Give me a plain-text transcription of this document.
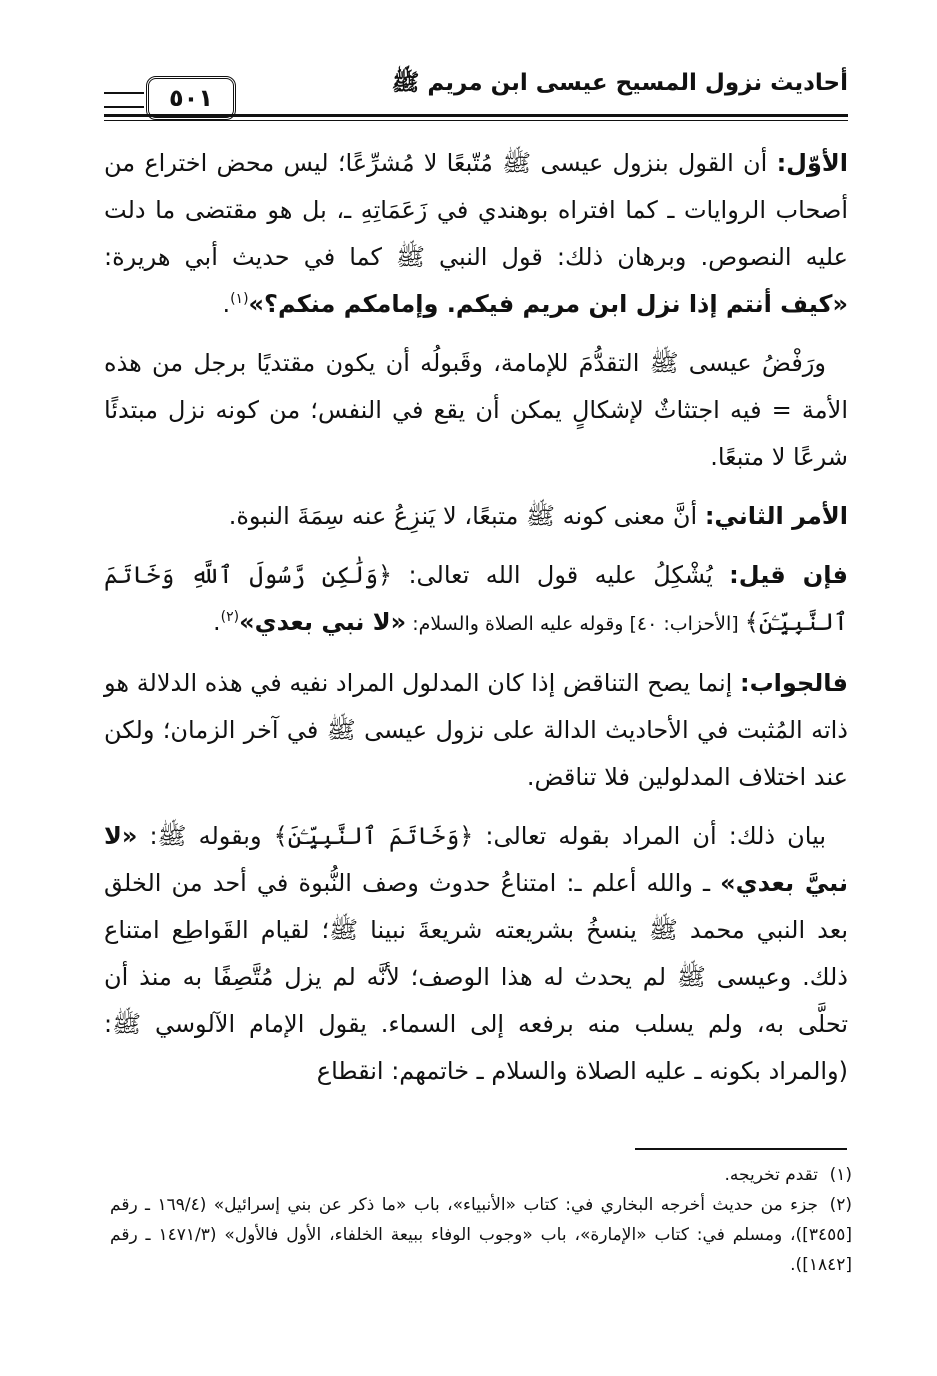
أحاديث نزول المسيح عيسى ابن مريم ﷺ
٥٠١

الأوّل: أن القول بنزول عيسى ﷺ مُتّبعًا لا مُشرِّعًا؛ ليس محض اختراع من أصحاب الروايات ـ كما افتراه بوهندي في زَعَمَاتِهِ ـ، بل هو مقتضى ما دلت عليه النصوص. وبرهان ذلك: قول النبي ﷺ كما في حديث أبي هريرة: «كيف أنتم إذا نزل ابن مريم فيكم. وإمامكم منكم؟»$^{(١)}$.

ورَفْضُ عيسى ﷺ التقدُّمَ للإمامة، وقَبولُه أن يكون مقتديًا برجل من هذه الأمة = فيه اجتثاثٌ لإشكالٍ يمكن أن يقع في النفس؛ من كونه نزل مبتدئًا شرعًا لا متبعًا.

الأمر الثاني: أنَّ معنى كونه ﷺ متبعًا، لا يَنزِعُ عنه سِمَةَ النبوة.

فإن قيل: يُشْكِلُ عليه قول الله تعالى: ﴿وَلَٰكِن رَّسُولَ ٱللَّهِ وَخَاتَمَ ٱلنَّبِيِّـۧنَ﴾ [الأحزاب: ٤٠] وقوله عليه الصلاة والسلام: «لا نبي بعدي»$^{(٢)}$.

فالجواب: إنما يصح التناقض إذا كان المدلول المراد نفيه في هذه الدلالة هو ذاته المُثبت في الأحاديث الدالة على نزول عيسى ﷺ في آخر الزمان؛ ولكن عند اختلاف المدلولين فلا تناقض.

بيان ذلك: أن المراد بقوله تعالى: ﴿وَخَاتَمَ ٱلنَّبِيِّـۧنَ﴾ وبقوله ﷺ: «لا نبيَّ بعدي» ـ والله أعلم ـ: امتناعُ حدوث وصف النُّبوة في أحد من الخلق بعد النبي محمد ﷺ ينسخُ بشريعته شريعةَ نبينا ﷺ؛ لقيام القَواطِع امتناع ذلك. وعيسى ﷺ لم يحدث له هذا الوصف؛ لأنَّه لم يزل مُتَّصِفًا به منذ أن تحلَّى به، ولم يسلب منه برفعه إلى السماء. يقول الإمام الآلوسي ﷺ: (والمراد بكونه ـ عليه الصلاة والسلام ـ خاتمهم: انقطاع

(١)تقدم تخريجه.

(٢)جزء من حديث أخرجه البخاري في: كتاب «الأنبياء»، باب «ما ذكر عن بني إسرائيل» (١٦٩/٤ ـ رقم [٣٤٥٥])، ومسلم في: كتاب «الإمارة»، باب «وجوب الوفاء ببيعة الخلفاء، الأول فالأول» (١٤٧١/٣ ـ رقم [١٨٤٢]).
